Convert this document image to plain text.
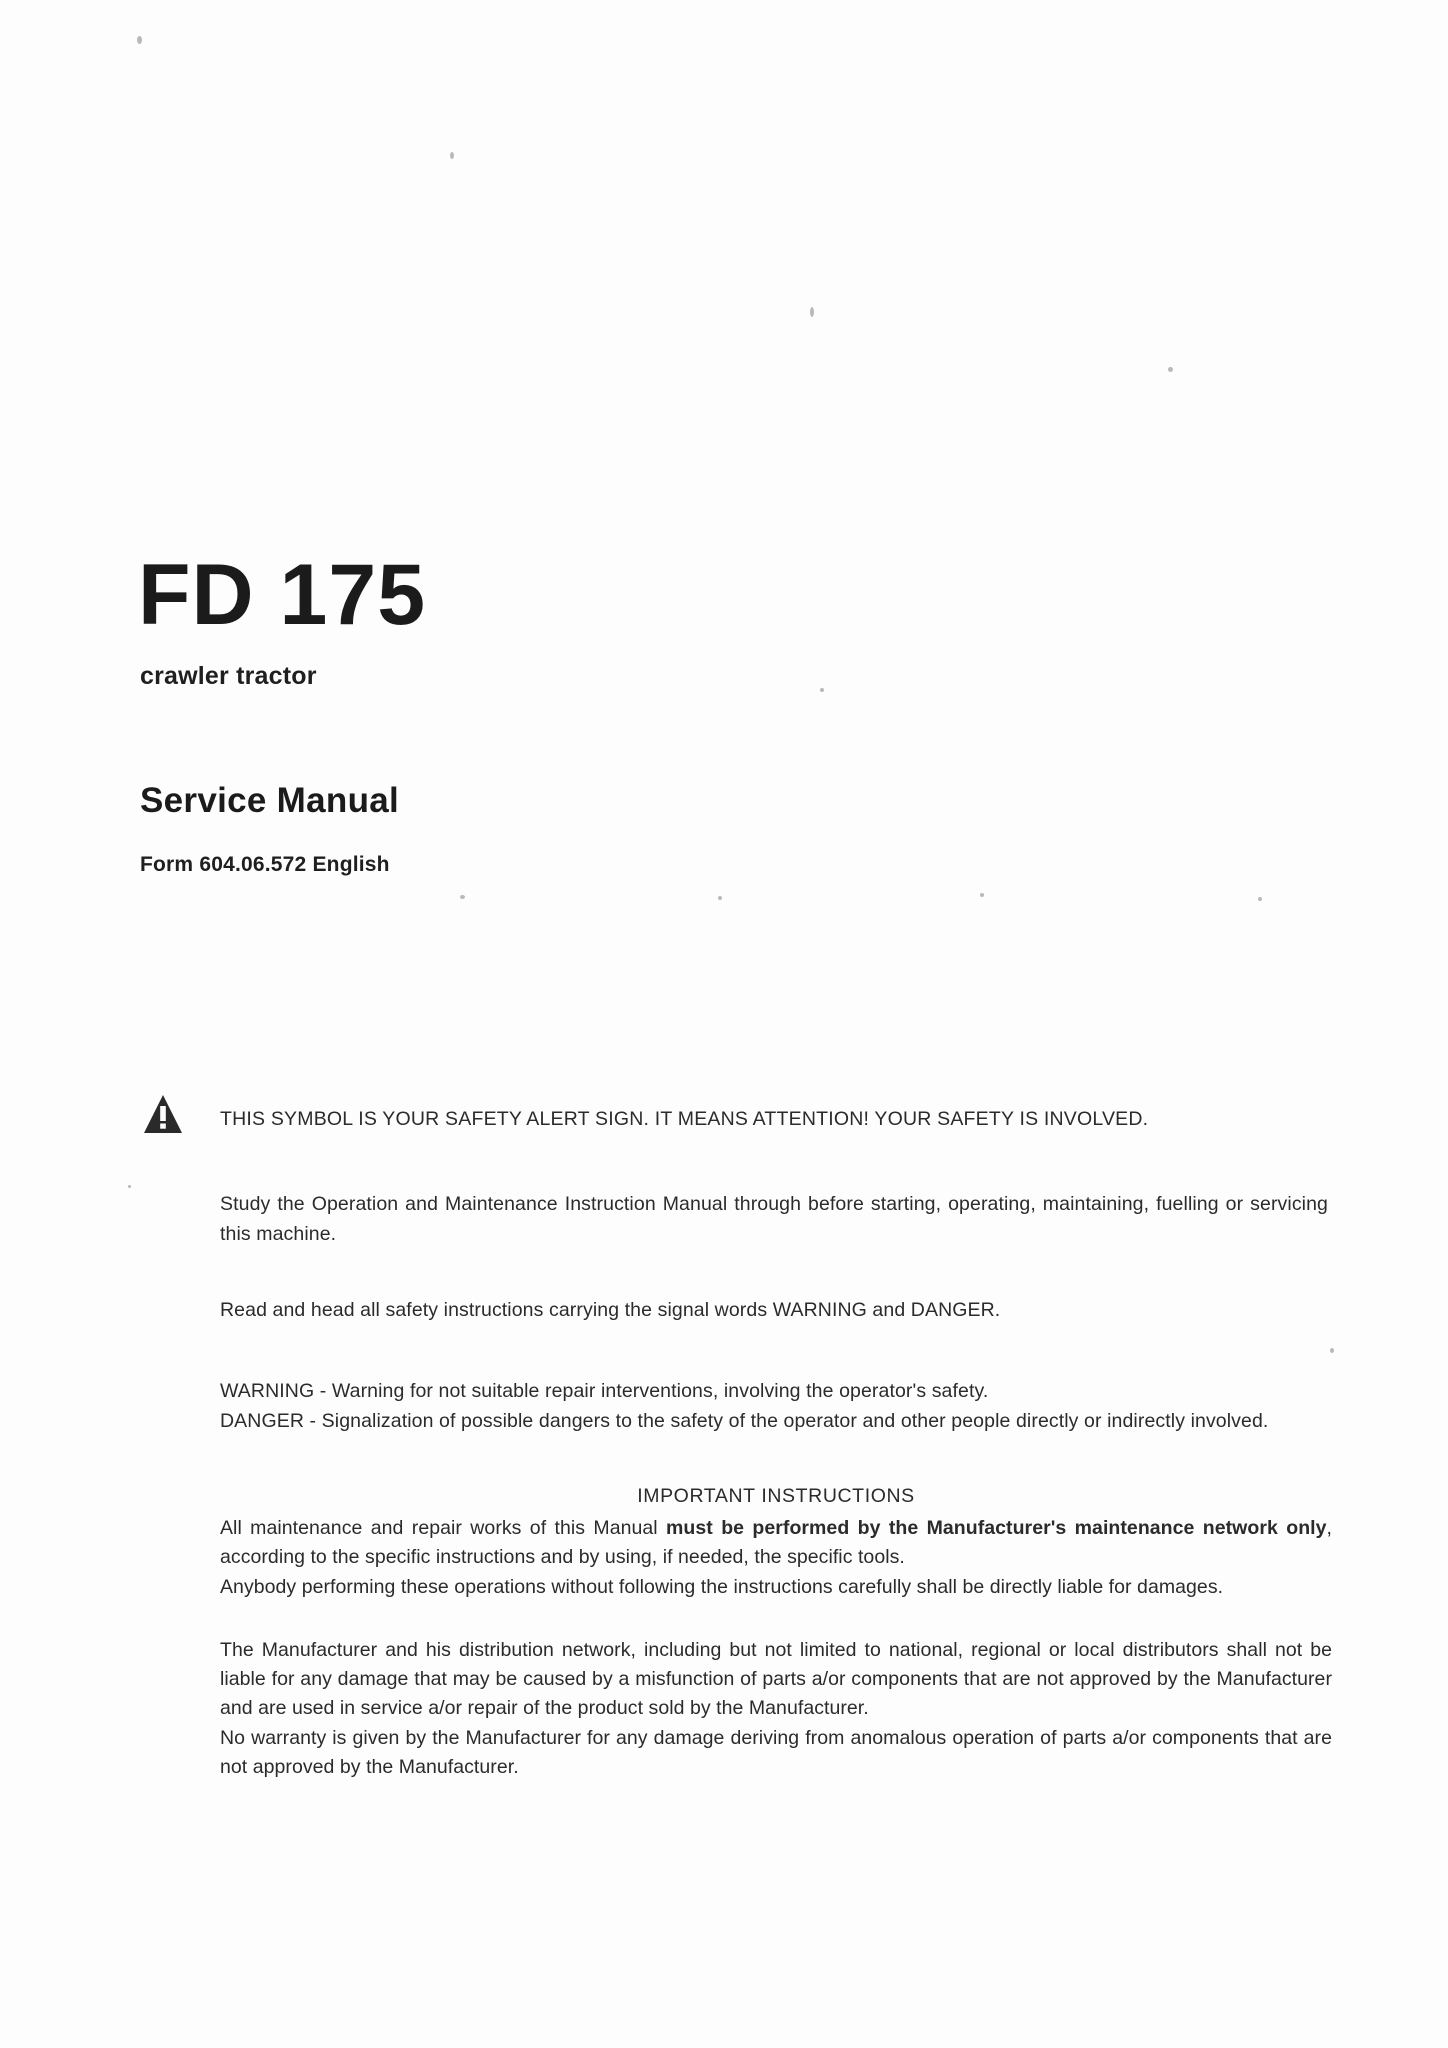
FD 175
crawler tractor
Service Manual
Form 604.06.572 English
THIS SYMBOL IS YOUR SAFETY ALERT SIGN. IT MEANS ATTENTION! YOUR SAFETY IS INVOLVED.
Study the Operation and Maintenance Instruction Manual through before starting, operating, maintaining, fuelling or servicing this machine.
Read and head all safety instructions carrying the signal words WARNING and DANGER.
WARNING - Warning for not suitable repair interventions, involving the operator's safety.
DANGER - Signalization of possible dangers to the safety of the operator and other people directly or indirectly involved.
IMPORTANT INSTRUCTIONS
All maintenance and repair works of this Manual must be performed by the Manufacturer's maintenance network only, according to the specific instructions and by using, if needed, the specific tools.
Anybody performing these operations without following the instructions carefully shall be directly liable for damages.
The Manufacturer and his distribution network, including but not limited to national, regional or local distributors shall not be liable for any damage that may be caused by a misfunction of parts a/or components that are not approved by the Manufacturer and are used in service a/or repair of the product sold by the Manufacturer.
No warranty is given by the Manufacturer for any damage deriving from anomalous operation of parts a/or components that are not approved by the Manufacturer.
